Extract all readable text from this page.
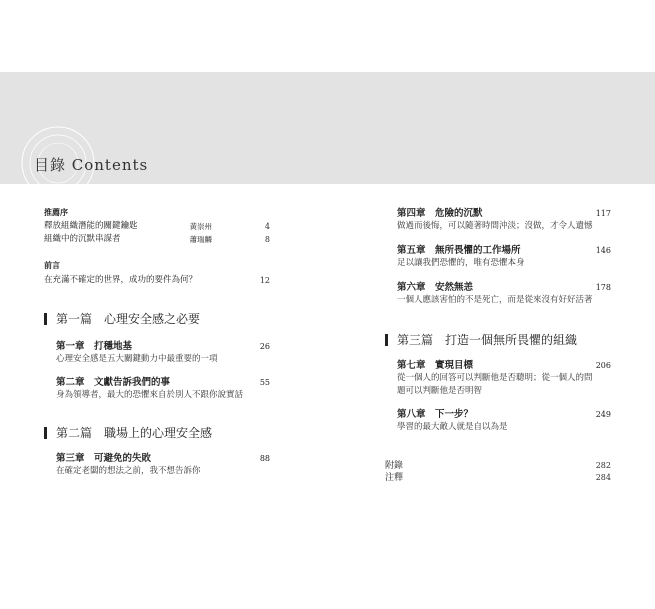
目錄 Contents
推薦序
釋放組織潛能的關鍵鑰匙	黃崇州	4
組織中的沉默串謀者	蕭瑞麟	8
前言
在充滿不確定的世界，成功的要件為何？	12
第一篇　心理安全感之必要
第一章　打穩地基	26
心理安全感是五大關鍵動力中最重要的一項
第二章　文獻告訴我們的事	55
身為領導者，最大的恐懼來自於別人不跟你說實話
第二篇　職場上的心理安全感
第三章　可避免的失敗	88
在確定老闆的想法之前，我不想告訴你
第四章　危險的沉默	117
做過而後悔，可以隨著時間沖淡；沒做，才令人遺憾
第五章　無所畏懼的工作場所	146
足以讓我們恐懼的，唯有恐懼本身
第六章　安然無恙	178
一個人應該害怕的不是死亡，而是從來沒有好好活著
第三篇　打造一個無所畏懼的組織
第七章　實現目標	206
從一個人的回答可以判斷他是否聰明；從一個人的問
題可以判斷他是否明智
第八章　下一步？	249
學習的最大敵人就是自以為是
附錄	282
注釋	284
